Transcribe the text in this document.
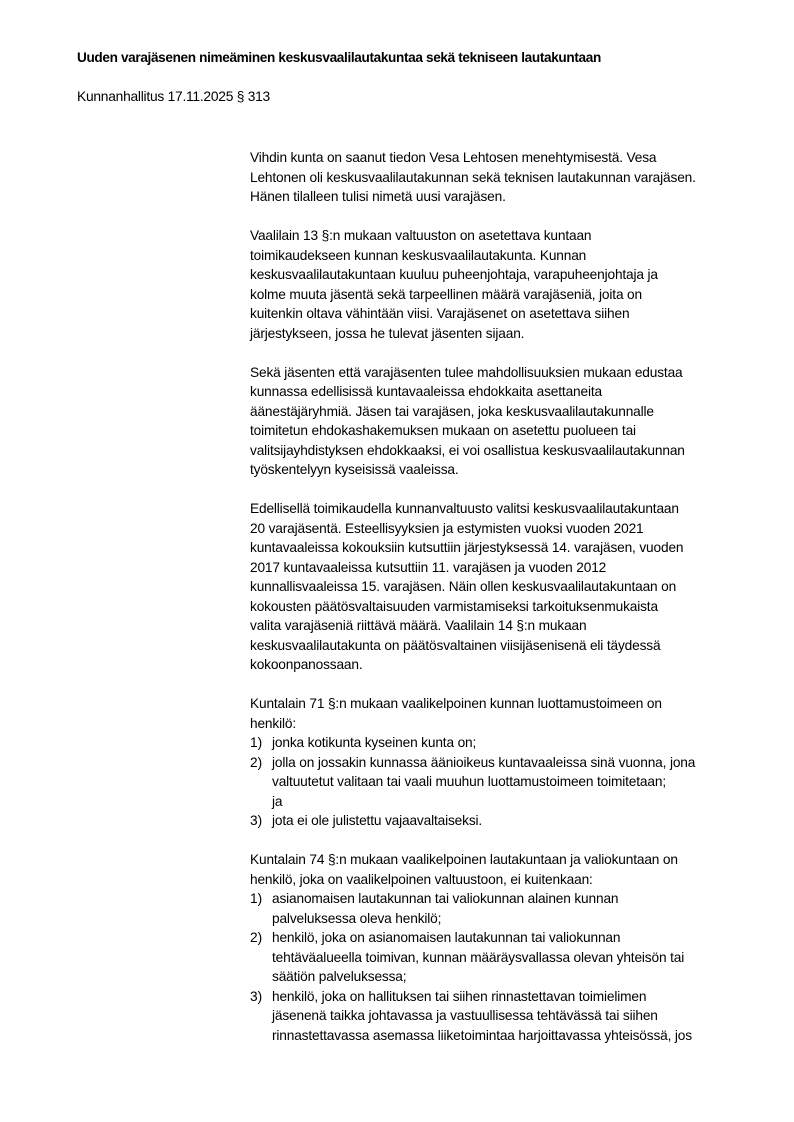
Uuden varajäsenen nimeäminen keskusvaalilautakuntaa sekä tekniseen lautakuntaan
Kunnanhallitus 17.11.2025 § 313

Vihdin kunta on saanut tiedon Vesa Lehtosen menehtymisestä. Vesa
Lehtonen oli keskusvaalilautakunnan sekä teknisen lautakunnan varajäsen.
Hänen tilalleen tulisi nimetä uusi varajäsen.

Vaalilain 13 §:n mukaan valtuuston on asetettava kuntaan
toimikaudekseen kunnan keskusvaalilautakunta. Kunnan
keskusvaalilautakuntaan kuuluu puheenjohtaja, varapuheenjohtaja ja
kolme muuta jäsentä sekä tarpeellinen määrä varajäseniä, joita on
kuitenkin oltava vähintään viisi. Varajäsenet on asetettava siihen
järjestykseen, jossa he tulevat jäsenten sijaan.

Sekä jäsenten että varajäsenten tulee mahdollisuuksien mukaan edustaa
kunnassa edellisissä kuntavaaleissa ehdokkaita asettaneita
äänestäjäryhmiä. Jäsen tai varajäsen, joka keskusvaalilautakunnalle
toimitetun ehdokashakemuksen mukaan on asetettu puolueen tai
valitsijayhdistyksen ehdokkaaksi, ei voi osallistua keskusvaalilautakunnan
työskentelyyn kyseisissä vaaleissa.

Edellisellä toimikaudella kunnanvaltuusto valitsi keskusvaalilautakuntaan
20 varajäsentä. Esteellisyyksien ja estymisten vuoksi vuoden 2021
kuntavaaleissa kokouksiin kutsuttiin järjestyksessä 14. varajäsen, vuoden
2017 kuntavaaleissa kutsuttiin 11. varajäsen ja vuoden 2012
kunnallisvaaleissa 15. varajäsen. Näin ollen keskusvaalilautakuntaan on
kokousten päätösvaltaisuuden varmistamiseksi tarkoituksenmukaista
valita varajäseniä riittävä määrä. Vaalilain 14 §:n mukaan
keskusvaalilautakunta on päätösvaltainen viisijäsenisenä eli täydessä
kokoonpanossaan.

Kuntalain 71 §:n mukaan vaalikelpoinen kunnan luottamustoimeen on
henkilö:
1) jonka kotikunta kyseinen kunta on;
2) jolla on jossakin kunnassa äänioikeus kuntavaaleissa sinä vuonna, jona
valtuutetut valitaan tai vaali muuhun luottamustoimeen toimitetaan;
ja
3) jota ei ole julistettu vajaavaltaiseksi.
Kuntalain 74 §:n mukaan vaalikelpoinen lautakuntaan ja valiokuntaan on
henkilö, joka on vaalikelpoinen valtuustoon, ei kuitenkaan:
1) asianomaisen lautakunnan tai valiokunnan alainen kunnan
palveluksessa oleva henkilö;
2) henkilö, joka on asianomaisen lautakunnan tai valiokunnan
tehtäväalueella toimivan, kunnan määräysvallassa olevan yhteisön tai
säätiön palveluksessa;
3) henkilö, joka on hallituksen tai siihen rinnastettavan toimielimen
jäsenenä taikka johtavassa ja vastuullisessa tehtävässä tai siihen
rinnastettavassa asemassa liiketoimintaa harjoittavassa yhteisössä, jos
